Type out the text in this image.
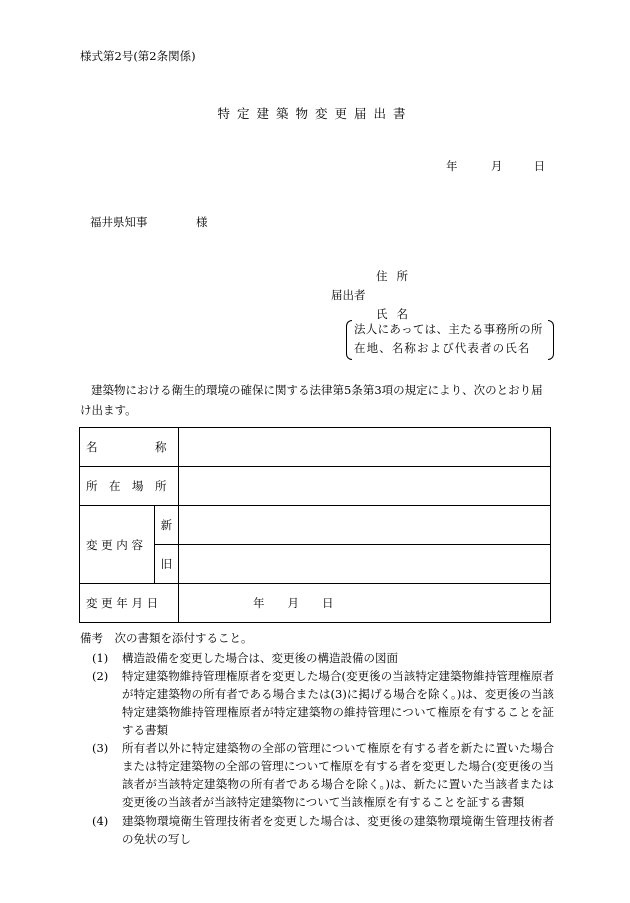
様式第2号(第2条関係)
特定建築物変更届出書
年	月	日
福井県知事	様
住所
届出者
氏名
法人にあっては、主たる事務所の所
在地、名称および代表者の氏名
建築物における衛生的環境の確保に関する法律第5条第3項の規定により、次のとおり届け出ます。
名　　　　　称		
所　在　場　所		
変 更 内 容	新	
	旧	
変 更 年 月 日		年　　月　　日
備考　次の書類を添付すること。
(1) 構造設備を変更した場合は、変更後の構造設備の図面
(2) 特定建築物維持管理権原者を変更した場合(変更後の当該特定建築物維持管理権原者が特定建築物の所有者である場合または(3)に掲げる場合を除く。)は、変更後の当該特定建築物維持管理権原者が特定建築物の維持管理について権原を有することを証する書類
(3) 所有者以外に特定建築物の全部の管理について権原を有する者を新たに置いた場合または特定建築物の全部の管理について権原を有する者を変更した場合(変更後の当該者が当該特定建築物の所有者である場合を除く。)は、新たに置いた当該者または変更後の当該者が当該特定建築物について当該権原を有することを証する書類
(4) 建築物環境衛生管理技術者を変更した場合は、変更後の建築物環境衛生管理技術者の免状の写し
